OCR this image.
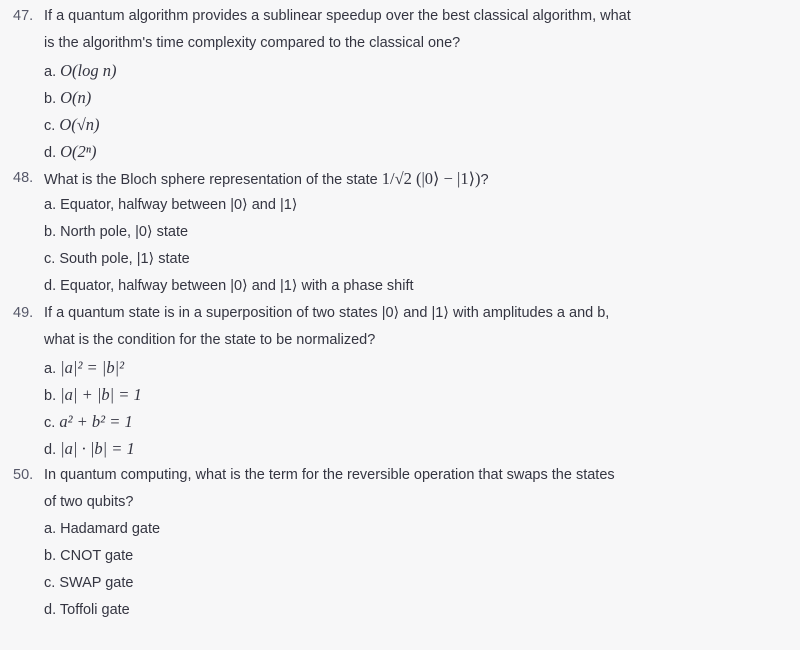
47. If a quantum algorithm provides a sublinear speedup over the best classical algorithm, what
is the algorithm's time complexity compared to the classical one?
a. O(log n)
b. O(n)
c. O(√n)
d. O(2ⁿ)
48. What is the Bloch sphere representation of the state 1/√2 (|0⟩ − |1⟩)?
a. Equator, halfway between |0⟩ and |1⟩
b. North pole, |0⟩ state
c. South pole, |1⟩ state
d. Equator, halfway between |0⟩ and |1⟩ with a phase shift
49. If a quantum state is in a superposition of two states |0⟩ and |1⟩ with amplitudes a and b,
what is the condition for the state to be normalized?
a. |a|² = |b|²
b. |a| + |b| = 1
c. a² + b² = 1
d. |a| · |b| = 1
50. In quantum computing, what is the term for the reversible operation that swaps the states
of two qubits?
a. Hadamard gate
b. CNOT gate
c. SWAP gate
d. Toffoli gate
